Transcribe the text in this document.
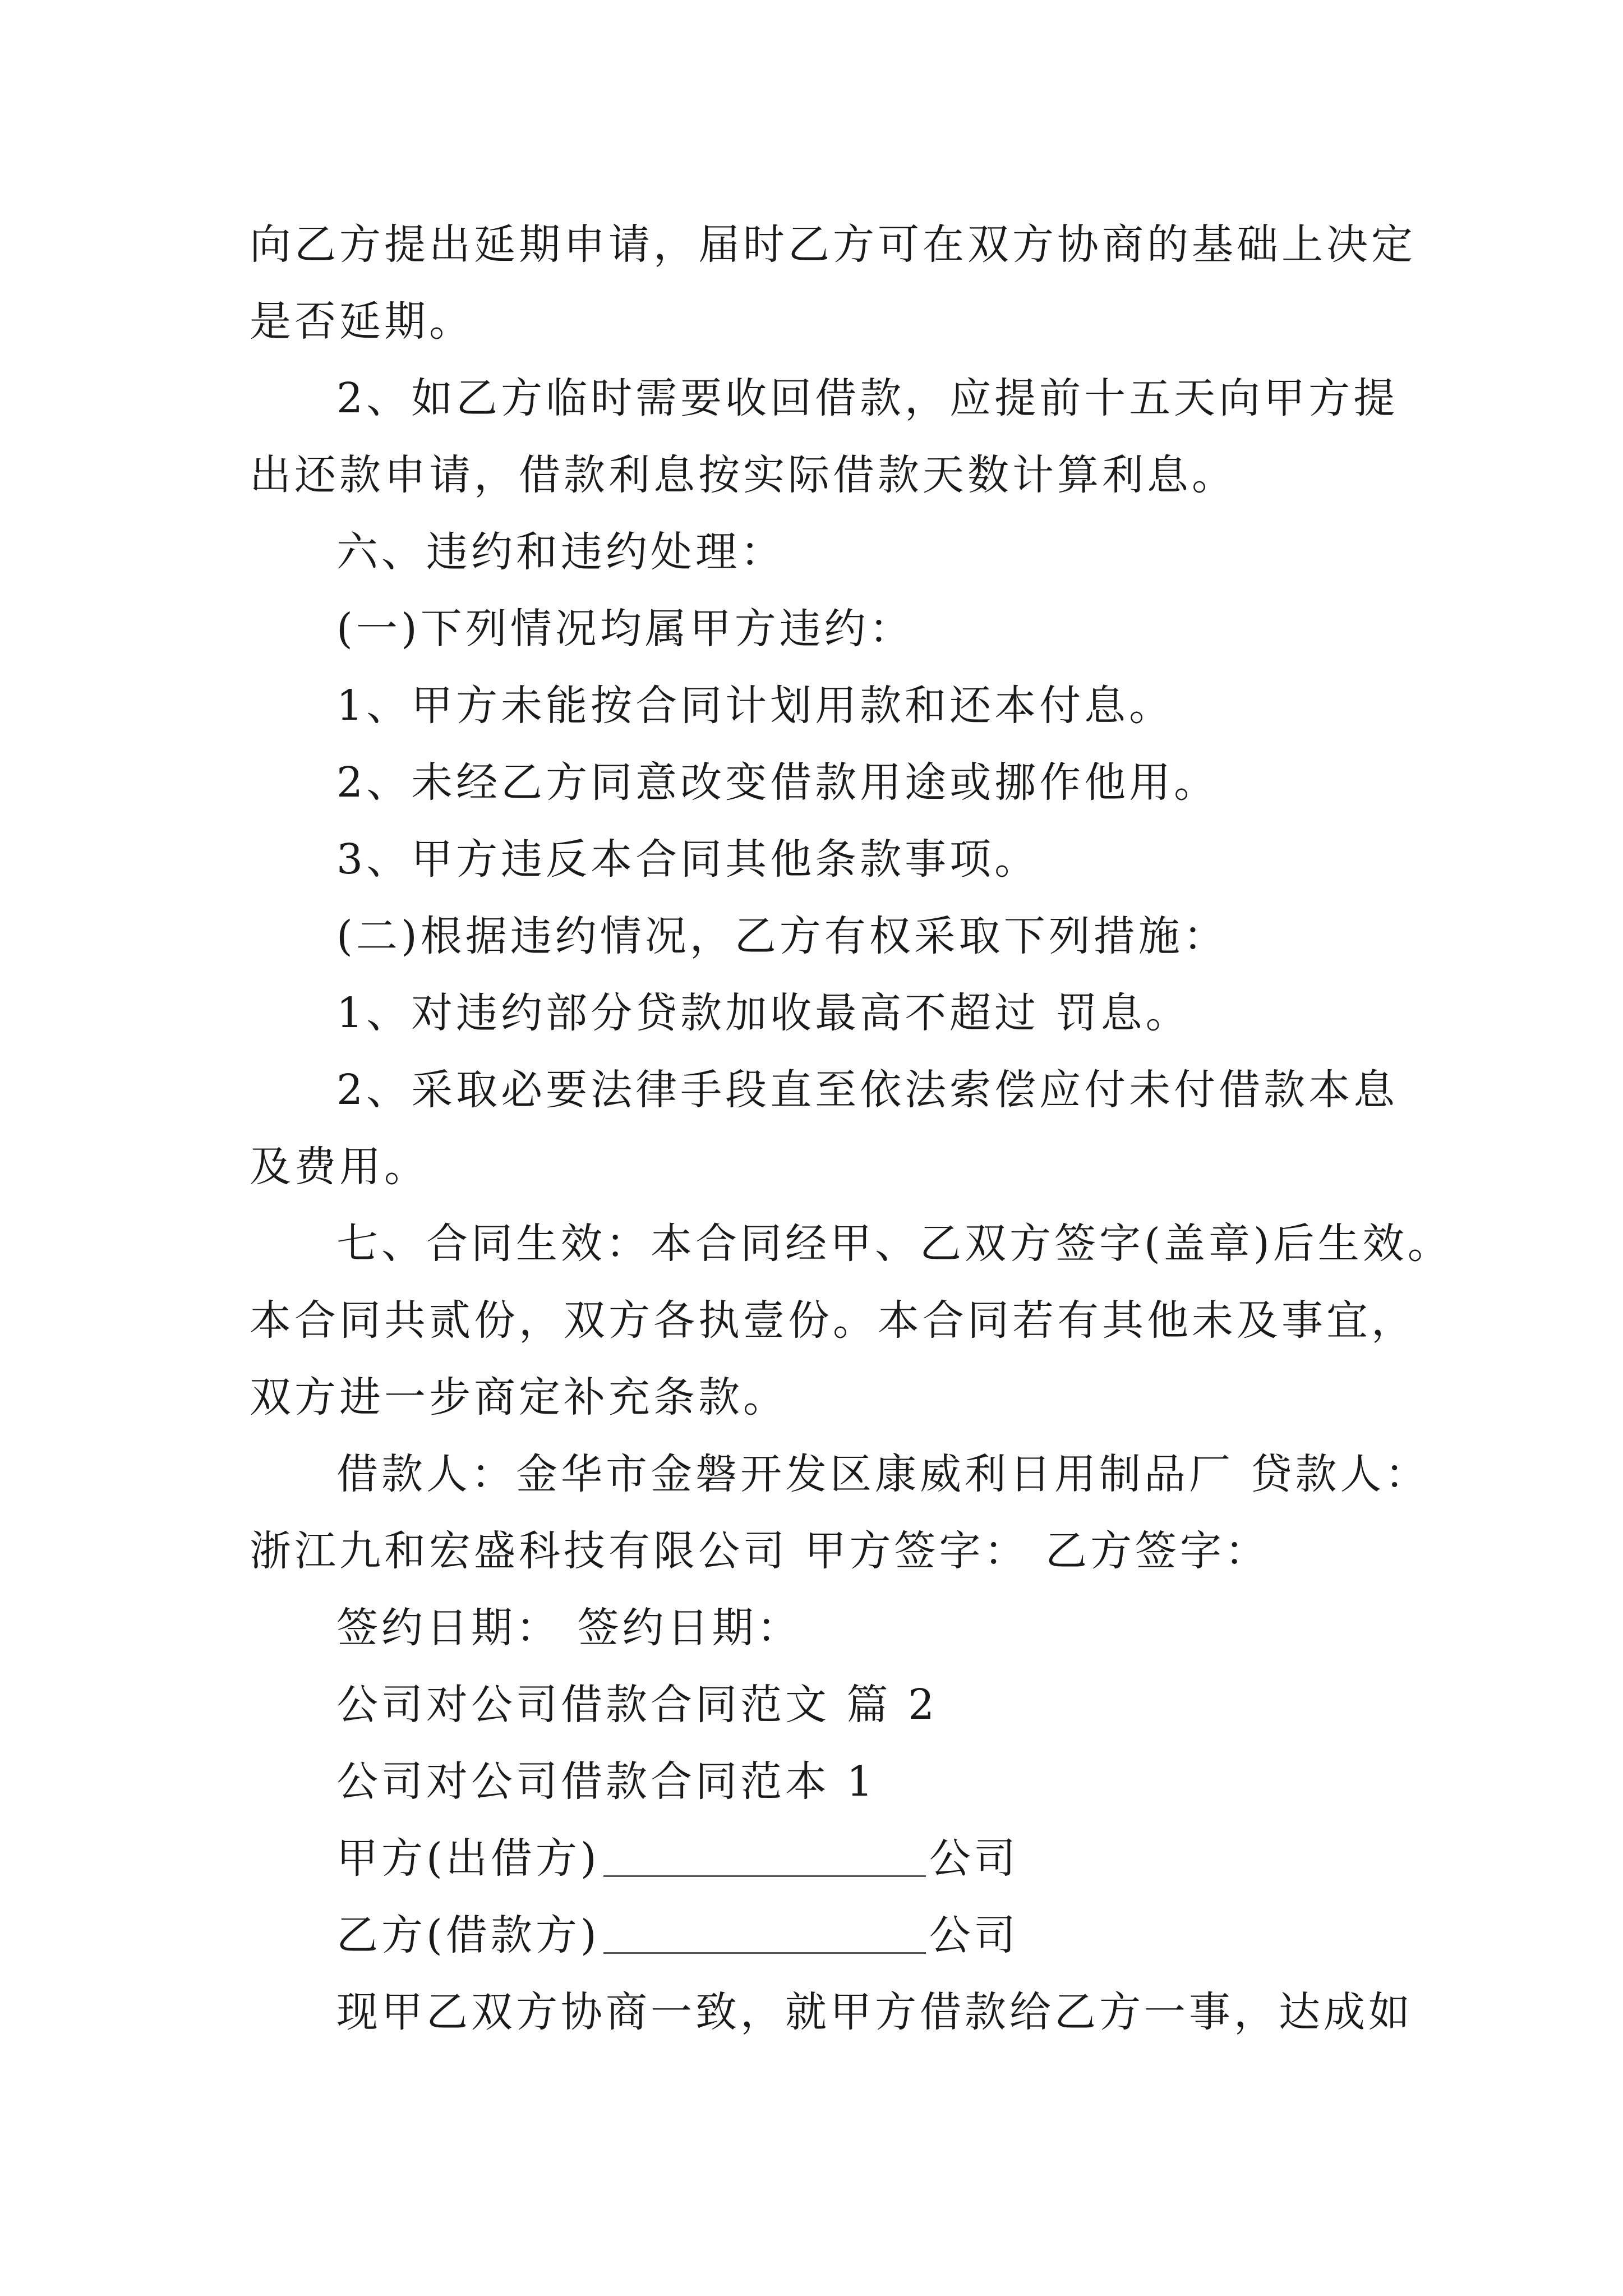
向乙方提出延期申请，届时乙方可在双方协商的基础上决定
是否延期。
2、如乙方临时需要收回借款，应提前十五天向甲方提
出还款申请，借款利息按实际借款天数计算利息。
六、违约和违约处理：
(一)下列情况均属甲方违约：
1、甲方未能按合同计划用款和还本付息。
2、未经乙方同意改变借款用途或挪作他用。
3、甲方违反本合同其他条款事项。
(二)根据违约情况，乙方有权采取下列措施：
1、对违约部分贷款加收最高不超过 罚息。
2、采取必要法律手段直至依法索偿应付未付借款本息
及费用。
七、合同生效：本合同经甲、乙双方签字(盖章)后生效。
本合同共贰份，双方各执壹份。本合同若有其他未及事宜，
双方进一步商定补充条款。
借款人：金华市金磐开发区康威利日用制品厂 贷款人：
浙江九和宏盛科技有限公司 甲方签字： 乙方签字：
签约日期： 签约日期：
公司对公司借款合同范文 篇 2
公司对公司借款合同范本 1
甲方(出借方)	公司
乙方(借款方)	公司
现甲乙双方协商一致，就甲方借款给乙方一事，达成如
